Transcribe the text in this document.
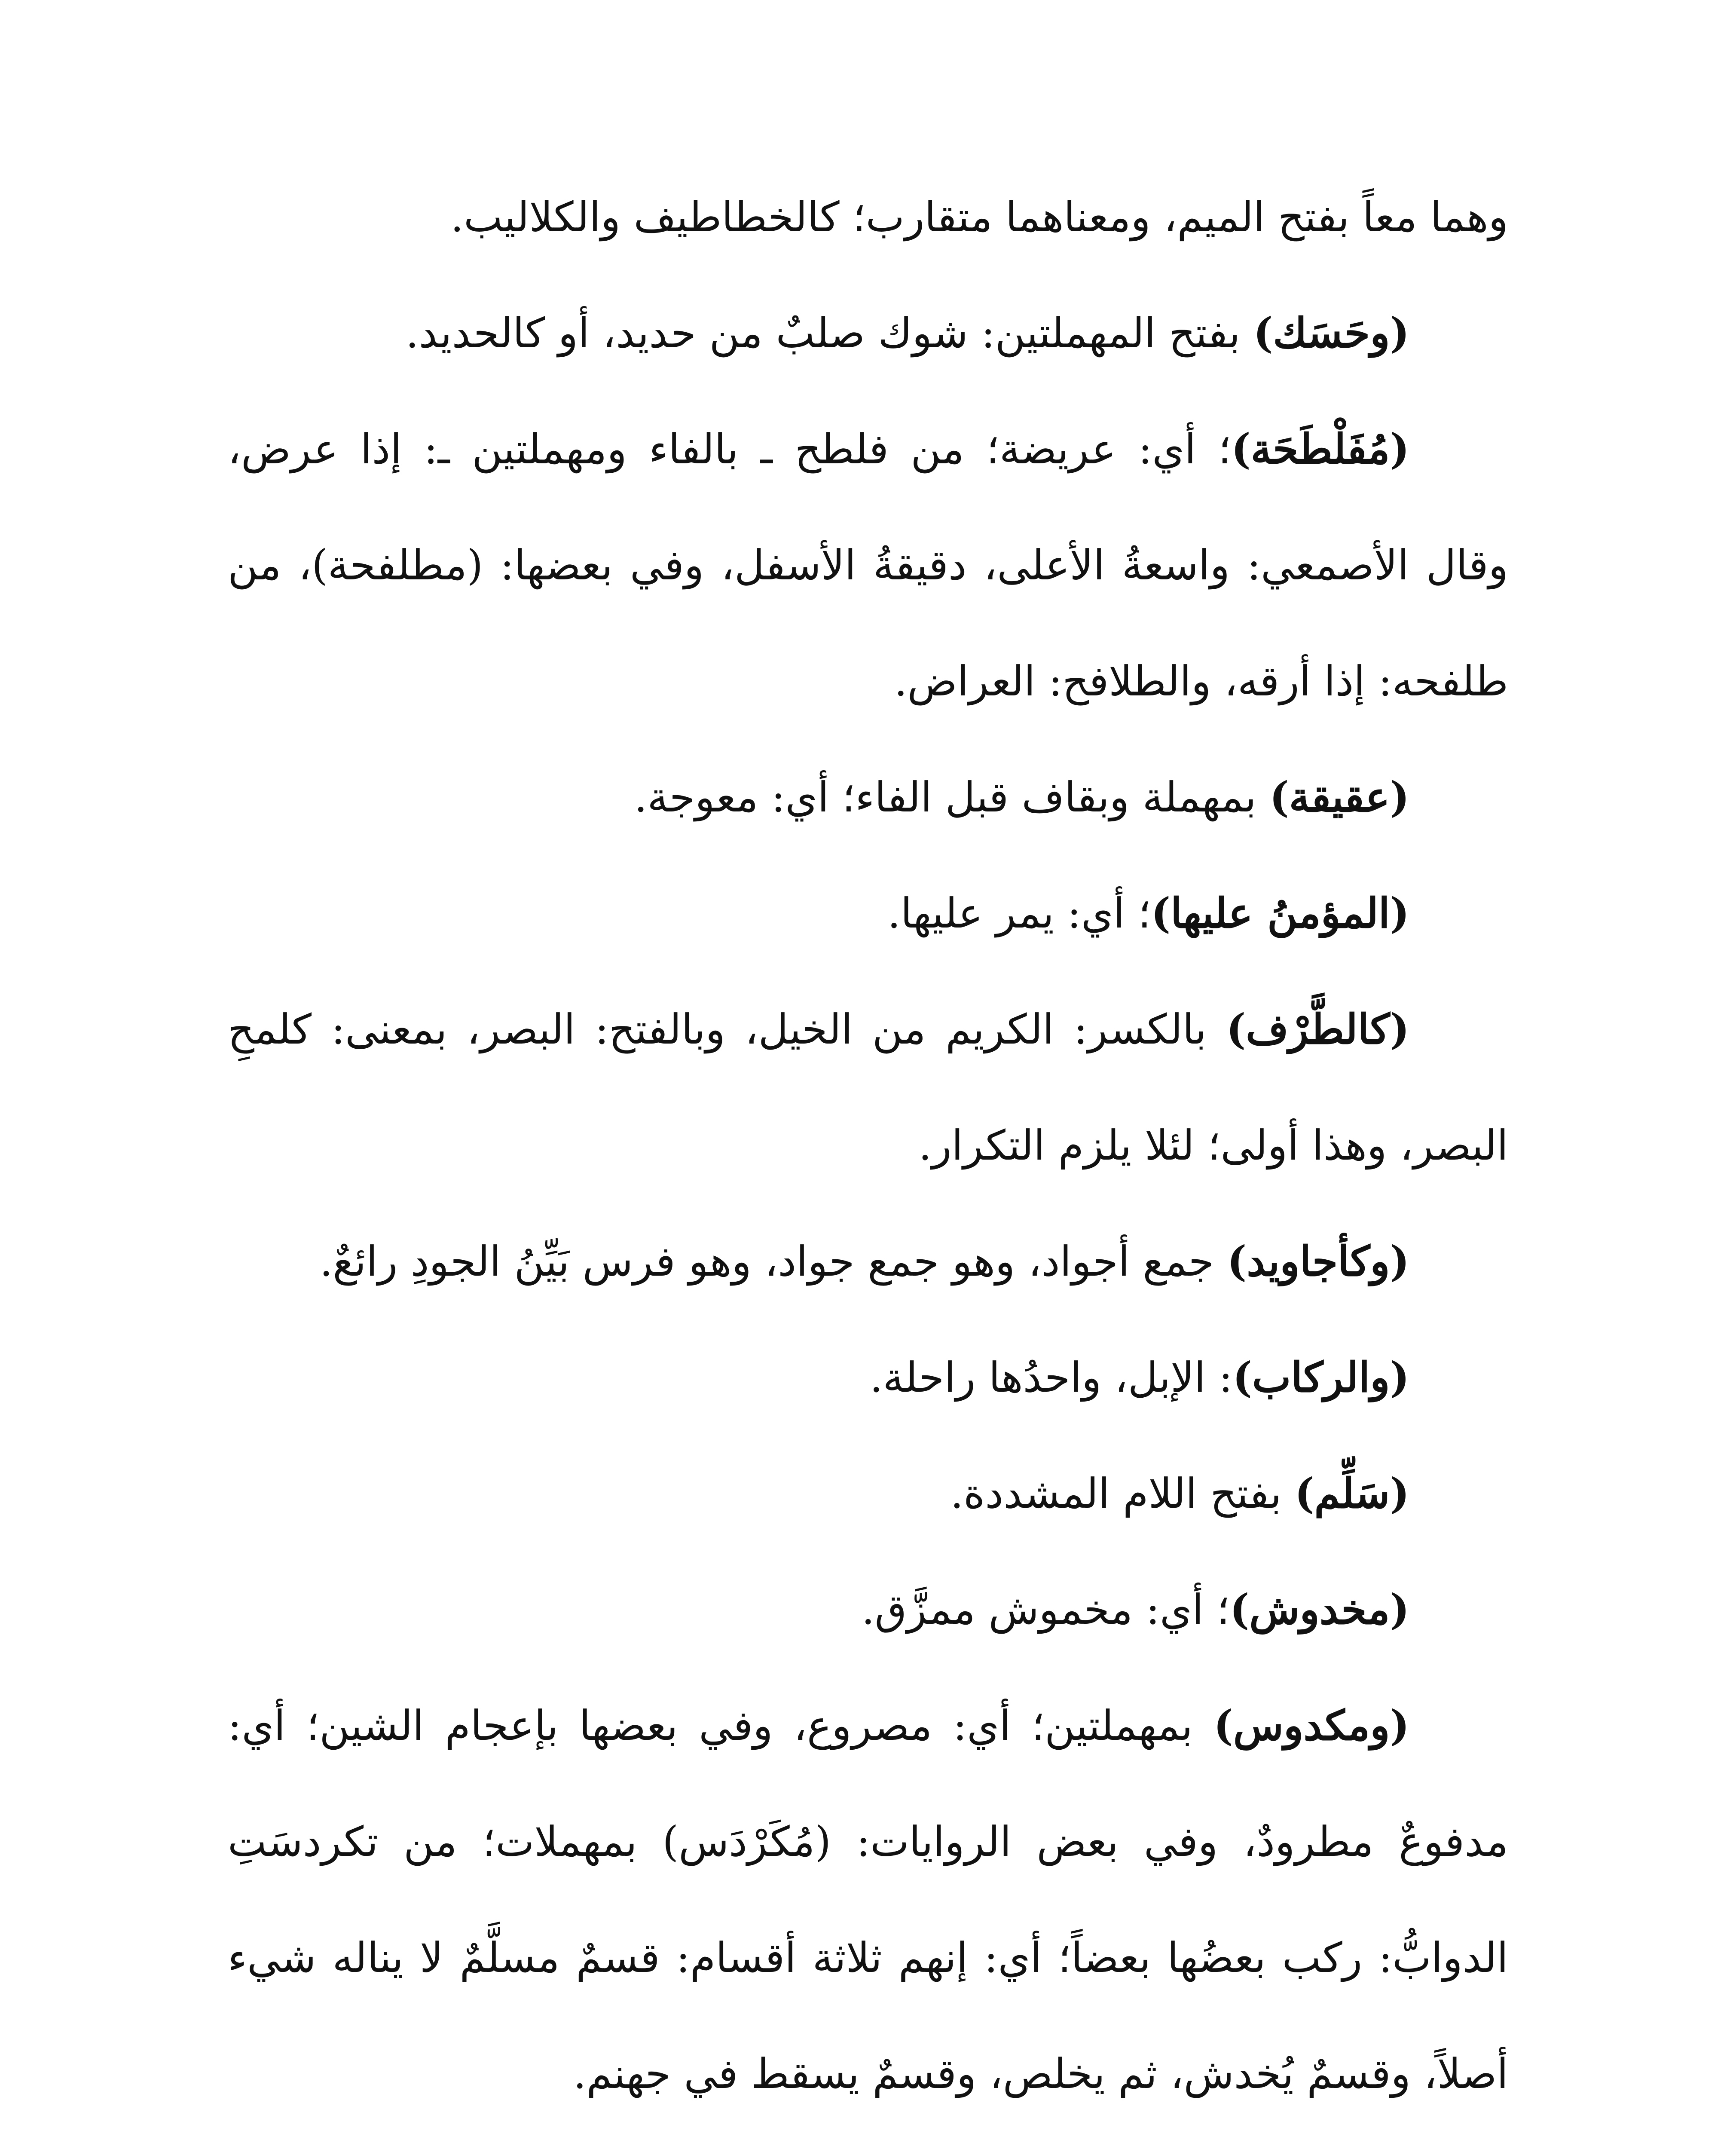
وهما معاً بفتح الميم، ومعناهما متقارب؛ كالخطاطيف والكلاليب.

(وحَسَك) بفتح المهملتين: شوك صلبٌ من حديد، أو كالحديد.

(مُفَلْطَحَة)؛ أي: عريضة؛ من فلطح ـ بالفاء ومهملتين ـ: إذا عرض، وقال الأصمعي: واسعةُ الأعلى، دقيقةُ الأسفل، وفي بعضها: (مطلفحة)، من طلفحه: إذا أرقه، والطلافح: العراض.

(عقيقة) بمهملة وبقاف قبل الفاء؛ أي: معوجة.

(المؤمنُ عليها)؛ أي: يمر عليها.

(كالطَّرْف) بالكسر: الكريم من الخيل، وبالفتح: البصر، بمعنى: كلمحِ البصر، وهذا أولى؛ لئلا يلزم التكرار.

(وكأجاويد) جمع أجواد، وهو جمع جواد، وهو فرس بَيِّنُ الجودِ رائعٌ.

(والركاب): الإبل، واحدُها راحلة.

(سَلِّم) بفتح اللام المشددة.

(مخدوش)؛ أي: مخموش ممزَّق.

(ومكدوس) بمهملتين؛ أي: مصروع، وفي بعضها بإعجام الشين؛ أي: مدفوعٌ مطرودٌ، وفي بعض الروايات: (مُكَرْدَس) بمهملات؛ من تكردسَتِ الدوابُّ: ركب بعضُها بعضاً؛ أي: إنهم ثلاثة أقسام: قسمٌ مسلَّمٌ لا يناله شيء أصلاً، وقسمٌ يُخدش، ثم يخلص، وقسمٌ يسقط في جهنم.
